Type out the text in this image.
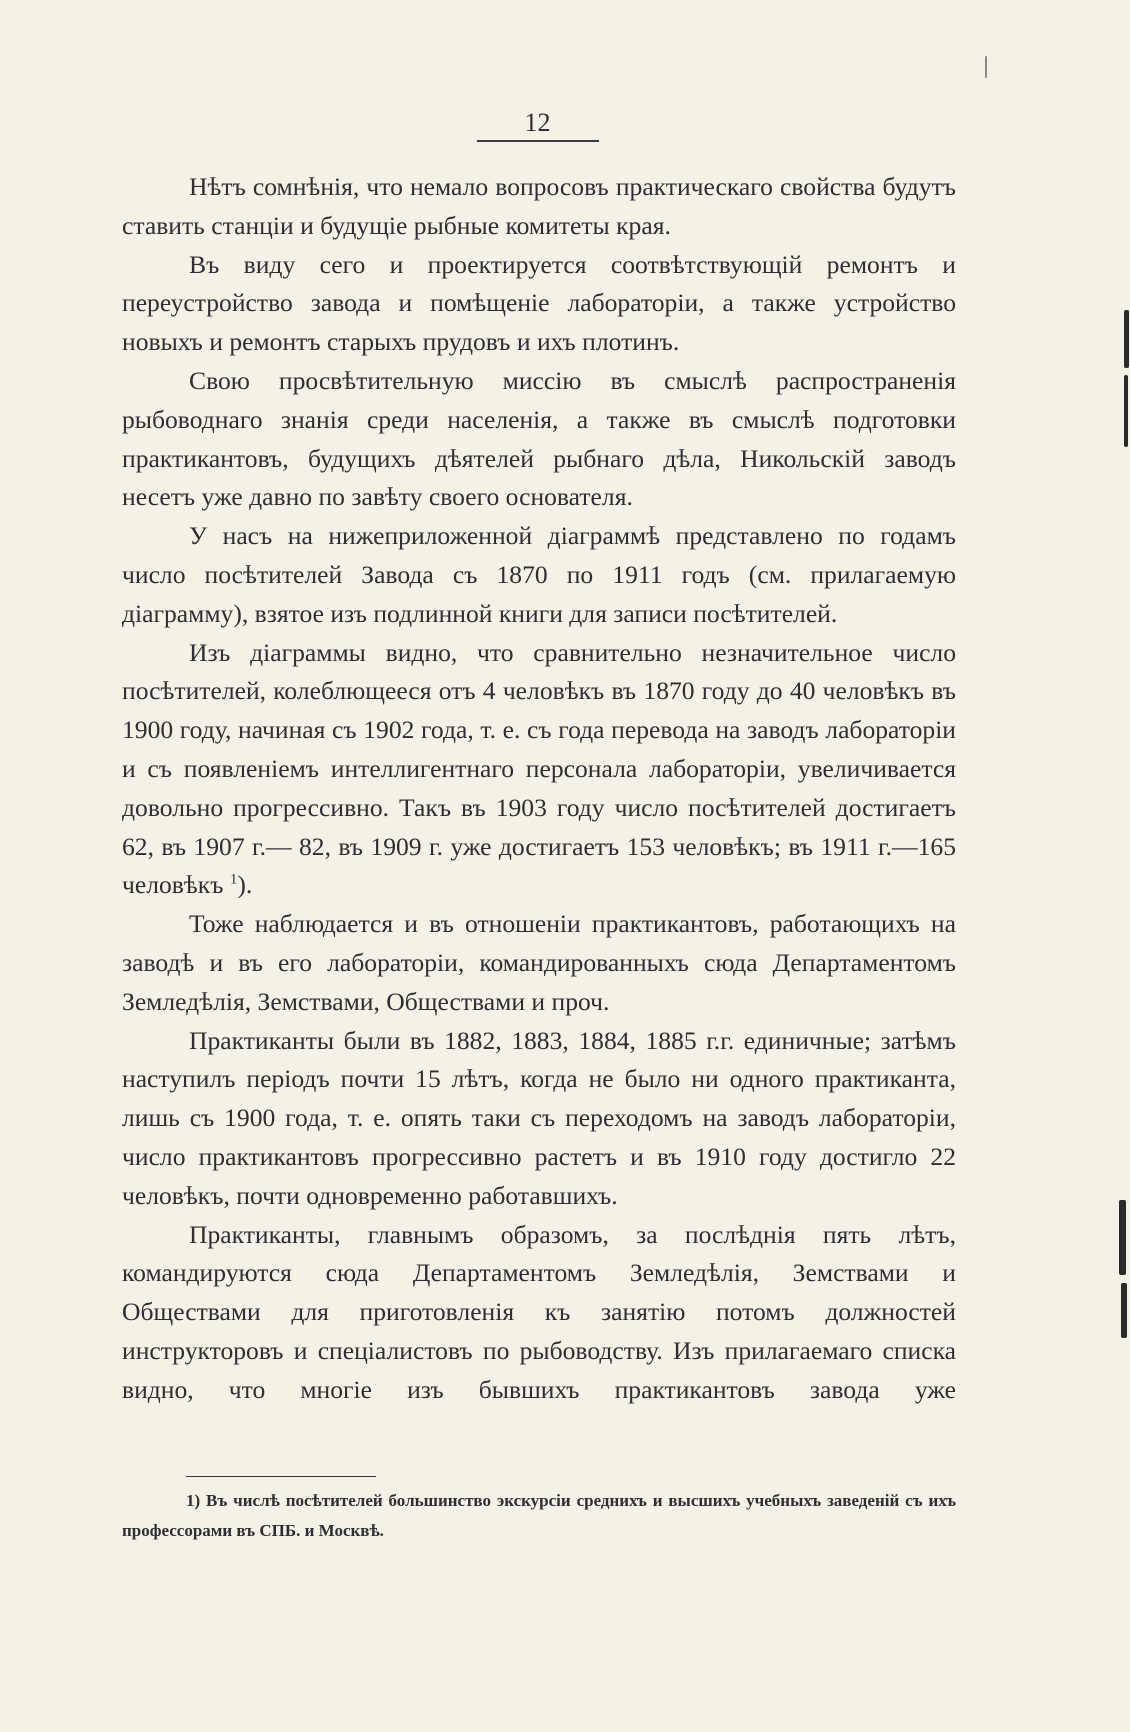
12

Нѣтъ сомнѣнія, что немало вопросовъ практическаго свойства будутъ ставить станціи и будущіе рыбные комитеты края.

Въ виду сего и проектируется соотвѣтствующій ремонтъ и переустройство завода и помѣщеніе лабораторіи, а также устройство новыхъ и ремонтъ старыхъ прудовъ и ихъ плотинъ.

Свою просвѣтительную миссію въ смыслѣ распространенія рыбоводнаго знанія среди населенія, а также въ смыслѣ подготовки практикантовъ, будущихъ дѣятелей рыбнаго дѣла, Никольскій заводъ несетъ уже давно по завѣту своего основателя.

У насъ на нижеприложенной діаграммѣ представлено по годамъ число посѣтителей Завода съ 1870 по 1911 годъ (см. прилагаемую діаграмму), взятое изъ подлинной книги для записи посѣтителей.

Изъ діаграммы видно, что сравнительно незначительное число посѣтителей, колеблющееся отъ 4 человѣкъ въ 1870 году до 40 человѣкъ въ 1900 году, начиная съ 1902 года, т. е. съ года перевода на заводъ лабораторіи и съ появленіемъ интеллигентнаго персонала лабораторіи, увеличивается довольно прогрессивно. Такъ въ 1903 году число посѣтителей достигаетъ 62, въ 1907 г.— 82, въ 1909 г. уже достигаетъ 153 человѣкъ; въ 1911 г.—165 человѣкъ $^1$).

Тоже наблюдается и въ отношеніи практикантовъ, работающихъ на заводѣ и въ его лабораторіи, командированныхъ сюда Департаментомъ Земледѣлія, Земствами, Обществами и проч.

Практиканты были въ 1882, 1883, 1884, 1885 г.г. единичные; затѣмъ наступилъ періодъ почти 15 лѣтъ, когда не было ни одного практиканта, лишь съ 1900 года, т. е. опять таки съ переходомъ на заводъ лабораторіи, число практикантовъ прогрессивно растетъ и въ 1910 году достигло 22 человѣкъ, почти одновременно работавшихъ.

Практиканты, главнымъ образомъ, за послѣднія пять лѣтъ, командируются сюда Департаментомъ Земледѣлія, Земствами и Обществами для приготовленія къ занятію потомъ должностей инструкторовъ и спеціалистовъ по рыбоводству. Изъ прилагаемаго списка видно, что многіе изъ бывшихъ практикантовъ завода уже

1) Въ числѣ посѣтителей большинство экскурсіи среднихъ и высшихъ учебныхъ заведеній съ ихъ профессорами въ СПБ. и Москвѣ.
